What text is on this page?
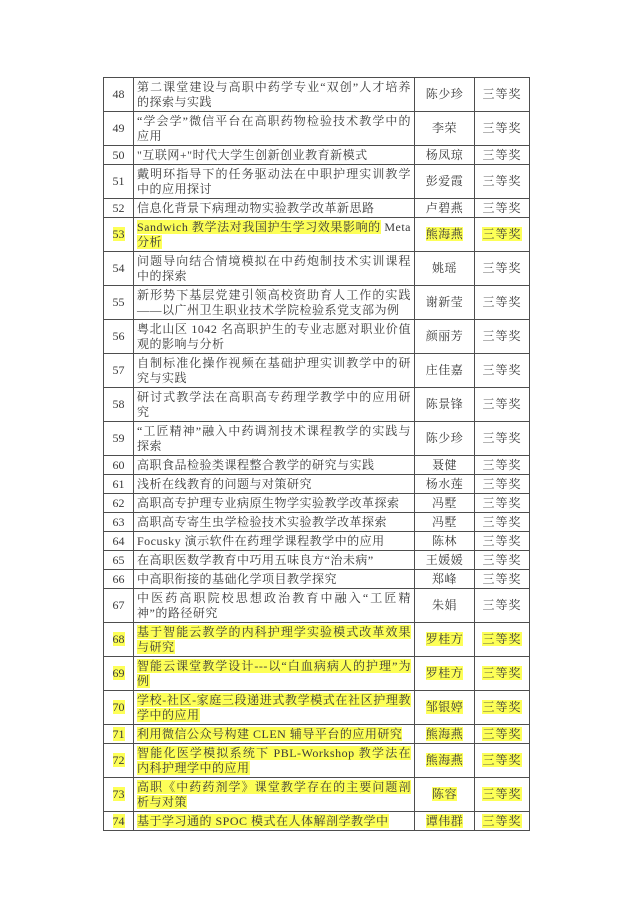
48	第二课堂建设与高职中药学专业“双创”人才培养的探索与实践	陈少珍	三等奖
49	“学会学”微信平台在高职药物检验技术教学中的应用	李荣	三等奖
50	"互联网+"时代大学生创新创业教育新模式	杨凤琼	三等奖
51	戴明环指导下的任务驱动法在中职护理实训教学中的应用探讨	彭爱霞	三等奖
52	信息化背景下病理动物实验教学改革新思路	卢碧燕	三等奖
53	Sandwich 教学法对我国护生学习效果影响的 Meta 分析	熊海燕	三等奖
54	问题导向结合情境模拟在中药炮制技术实训课程中的探索	姚瑶	三等奖
55	新形势下基层党建引领高校资助育人工作的实践——以广州卫生职业技术学院检验系党支部为例	谢新莹	三等奖
56	粤北山区 1042 名高职护生的专业志愿对职业价值观的影响与分析	颜丽芳	三等奖
57	自制标准化操作视频在基础护理实训教学中的研究与实践	庄佳嘉	三等奖
58	研讨式教学法在高职高专药理学教学中的应用研究	陈景锋	三等奖
59	“工匠精神”融入中药调剂技术课程教学的实践与探索	陈少珍	三等奖
60	高职食品检验类课程整合教学的研究与实践	聂健	三等奖
61	浅析在线教育的问题与对策研究	杨水莲	三等奖
62	高职高专护理专业病原生物学实验教学改革探索	冯墅	三等奖
63	高职高专寄生虫学检验技术实验教学改革探索	冯墅	三等奖
64	Focusky 演示软件在药理学课程教学中的应用	陈林	三等奖
65	在高职医数学教育中巧用五味良方“治未病”	王媛媛	三等奖
66	中高职衔接的基础化学项目教学探究	郑峰	三等奖
67	中医药高职院校思想政治教育中融入“工匠精神”的路径研究	朱娟	三等奖
68	基于智能云教学的内科护理学实验模式改革效果与研究	罗桂方	三等奖
69	智能云课堂教学设计---以“白血病病人的护理”为例	罗桂方	三等奖
70	学校-社区-家庭三段递进式教学模式在社区护理教学中的应用	邹银婷	三等奖
71	利用微信公众号构建 CLEN 辅导平台的应用研究	熊海燕	三等奖
72	智能化医学模拟系统下 PBL-Workshop 教学法在内科护理学中的应用	熊海燕	三等奖
73	高职《中药药剂学》课堂教学存在的主要问题剖析与对策	陈容	三等奖
74	基于学习通的 SPOC 模式在人体解剖学教学中	谭伟群	三等奖
